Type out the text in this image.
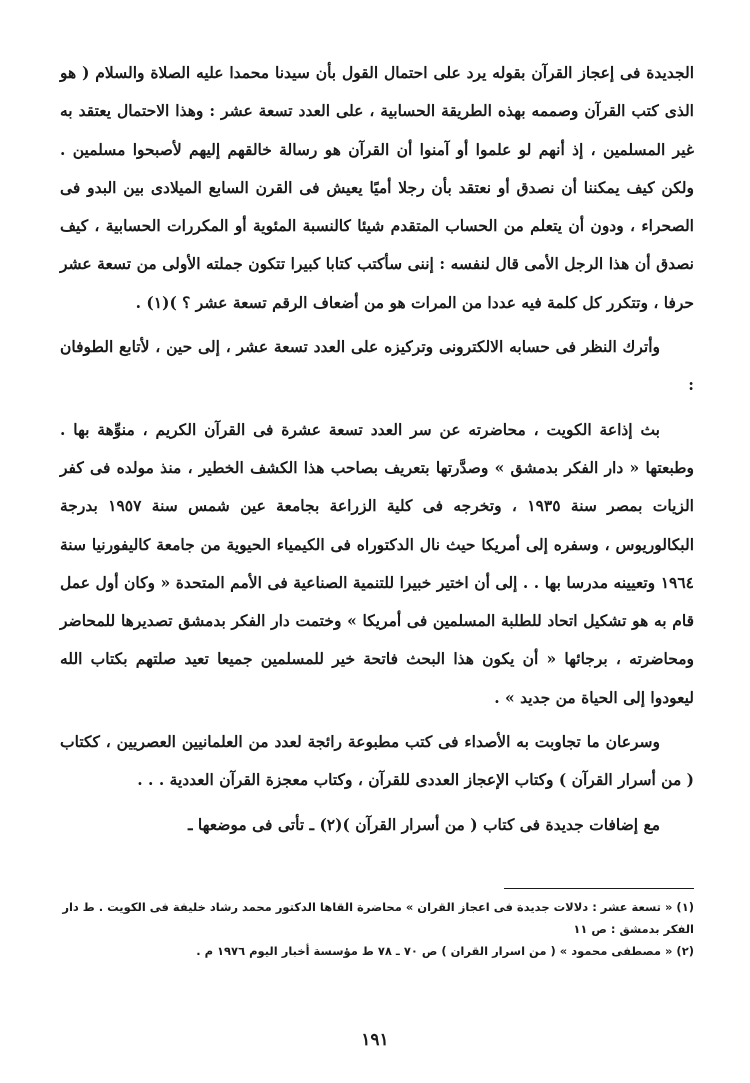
الجديدة فى إعجاز القرآن بقوله يرد على احتمال القول بأن سيدنا محمدا عليه الصلاة والسلام ( هو الذى كتب القرآن وصممه بهذه الطريقة الحسابية ، على العدد تسعة عشر : وهذا الاحتمال يعتقد به غير المسلمين ، إذ أنهم لو علموا أو آمنوا أن القرآن هو رسالة خالقهم إليهم لأصبحوا مسلمين . ولكن كيف يمكننا أن نصدق أو نعتقد بأن رجلا أميًا يعيش فى القرن السابع الميلادى بين البدو فى الصحراء ، ودون أن يتعلم من الحساب المتقدم شيئا كالنسبة المئوية أو المكررات الحسابية ، كيف نصدق أن هذا الرجل الأمى قال لنفسه : إننى سأكتب كتابا كبيرا تتكون جملته الأولى من تسعة عشر حرفا ، وتتكرر كل كلمة فيه عددا من المرات هو من أضعاف الرقم تسعة عشر ؟ )(١) .

وأترك النظر فى حسابه الالكترونى وتركيزه على العدد تسعة عشر ، إلى حين ، لأتابع الطوفان :

بث إذاعة الكويت ، محاضرته عن سر العدد تسعة عشرة فى القرآن الكريم ، منوِّهة بها . وطبعتها « دار الفكر بدمشق » وصدَّرتها بتعريف بصاحب هذا الكشف الخطير ، منذ مولده فى كفر الزيات بمصر سنة ١٩٣٥ ، وتخرجه فى كلية الزراعة بجامعة عين شمس سنة ١٩٥٧ بدرجة البكالوريوس ، وسفره إلى أمريكا حيث نال الدكتوراه فى الكيمياء الحيوية من جامعة كاليفورنيا سنة ١٩٦٤ وتعيينه مدرسا بها . . إلى أن اختير خبيرا للتنمية الصناعية فى الأمم المتحدة « وكان أول عمل قام به هو تشكيل اتحاد للطلبة المسلمين فى أمريكا » وختمت دار الفكر بدمشق تصديرها للمحاضر ومحاضرته ، برجائها « أن يكون هذا البحث فاتحة خير للمسلمين جميعا تعيد صلتهم بكتاب الله ليعودوا إلى الحياة من جديد » .

وسرعان ما تجاوبت به الأصداء فى كتب مطبوعة رائجة لعدد من العلمانيين العصريين ، ككتاب ( من أسرار القرآن ) وكتاب الإعجاز العددى للقرآن ، وكتاب معجزة القرآن العددية . . .

مع إضافات جديدة فى كتاب ( من أسرار القرآن )(٢) ـ تأتى فى موضعها ـ

(١) « تسعة عشر : دلالات جديدة فى اعجاز القران » محاضرة القاها الدكتور محمد رشاد خليفة فى الكويت . ط دار الفكر بدمشق : ص ١١

(٢) « مصطفى محمود » ( من اسرار القران ) ص ٧٠ ـ ٧٨ ط مؤسسة أخبار اليوم ١٩٧٦ م .

١٩١
